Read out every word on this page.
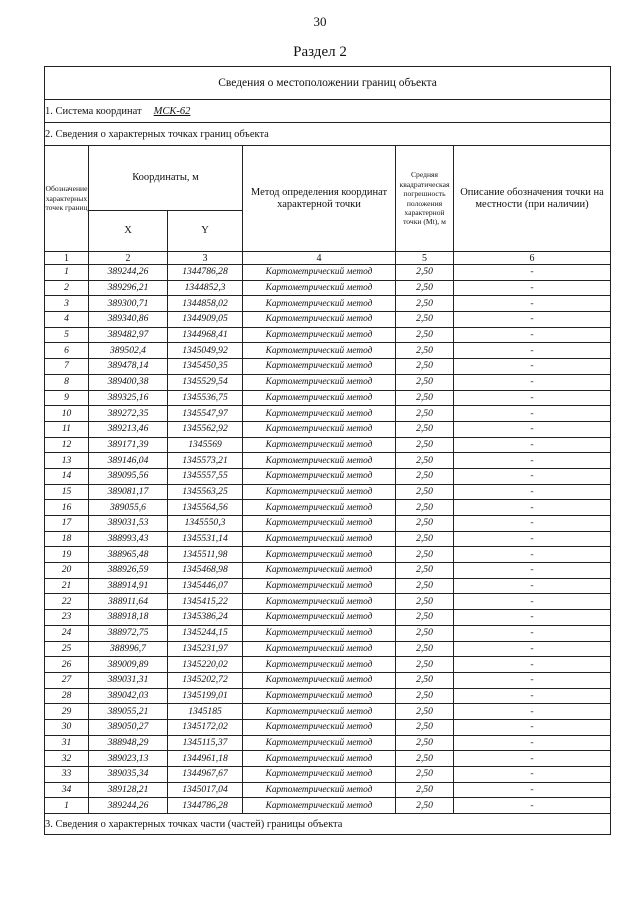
30
Раздел 2
Сведения о местоположении границ объекта					
1. Система координат МСК-62					
2. Сведения о характерных точках границ объекта					
Обозначение характерных точек границ	Координаты, м		Метод определения координат характерной точки	Средняя квадратическая погрешность положения характерной точки (Mt), м	Описание обозначения точки на местности (при наличии)
	X	Y			
1	2	3	4	5	6
1	389244,26	1344786,28	Картометрический метод	2,50	-
2	389296,21	1344852,3	Картометрический метод	2,50	-
3	389300,71	1344858,02	Картометрический метод	2,50	-
4	389340,86	1344909,05	Картометрический метод	2,50	-
5	389482,97	1344968,41	Картометрический метод	2,50	-
6	389502,4	1345049,92	Картометрический метод	2,50	-
7	389478,14	1345450,35	Картометрический метод	2,50	-
8	389400,38	1345529,54	Картометрический метод	2,50	-
9	389325,16	1345536,75	Картометрический метод	2,50	-
10	389272,35	1345547,97	Картометрический метод	2,50	-
11	389213,46	1345562,92	Картометрический метод	2,50	-
12	389171,39	1345569	Картометрический метод	2,50	-
13	389146,04	1345573,21	Картометрический метод	2,50	-
14	389095,56	1345557,55	Картометрический метод	2,50	-
15	389081,17	1345563,25	Картометрический метод	2,50	-
16	389055,6	1345564,56	Картометрический метод	2,50	-
17	389031,53	1345550,3	Картометрический метод	2,50	-
18	388993,43	1345531,14	Картометрический метод	2,50	-
19	388965,48	1345511,98	Картометрический метод	2,50	-
20	388926,59	1345468,98	Картометрический метод	2,50	-
21	388914,91	1345446,07	Картометрический метод	2,50	-
22	388911,64	1345415,22	Картометрический метод	2,50	-
23	388918,18	1345386,24	Картометрический метод	2,50	-
24	388972,75	1345244,15	Картометрический метод	2,50	-
25	388996,7	1345231,97	Картометрический метод	2,50	-
26	389009,89	1345220,02	Картометрический метод	2,50	-
27	389031,31	1345202,72	Картометрический метод	2,50	-
28	389042,03	1345199,01	Картометрический метод	2,50	-
29	389055,21	1345185	Картометрический метод	2,50	-
30	389050,27	1345172,02	Картометрический метод	2,50	-
31	388948,29	1345115,37	Картометрический метод	2,50	-
32	389023,13	1344961,18	Картометрический метод	2,50	-
33	389035,34	1344967,67	Картометрический метод	2,50	-
34	389128,21	1345017,04	Картометрический метод	2,50	-
1	389244,26	1344786,28	Картометрический метод	2,50	-
3. Сведения о характерных точках части (частей) границы объекта					
